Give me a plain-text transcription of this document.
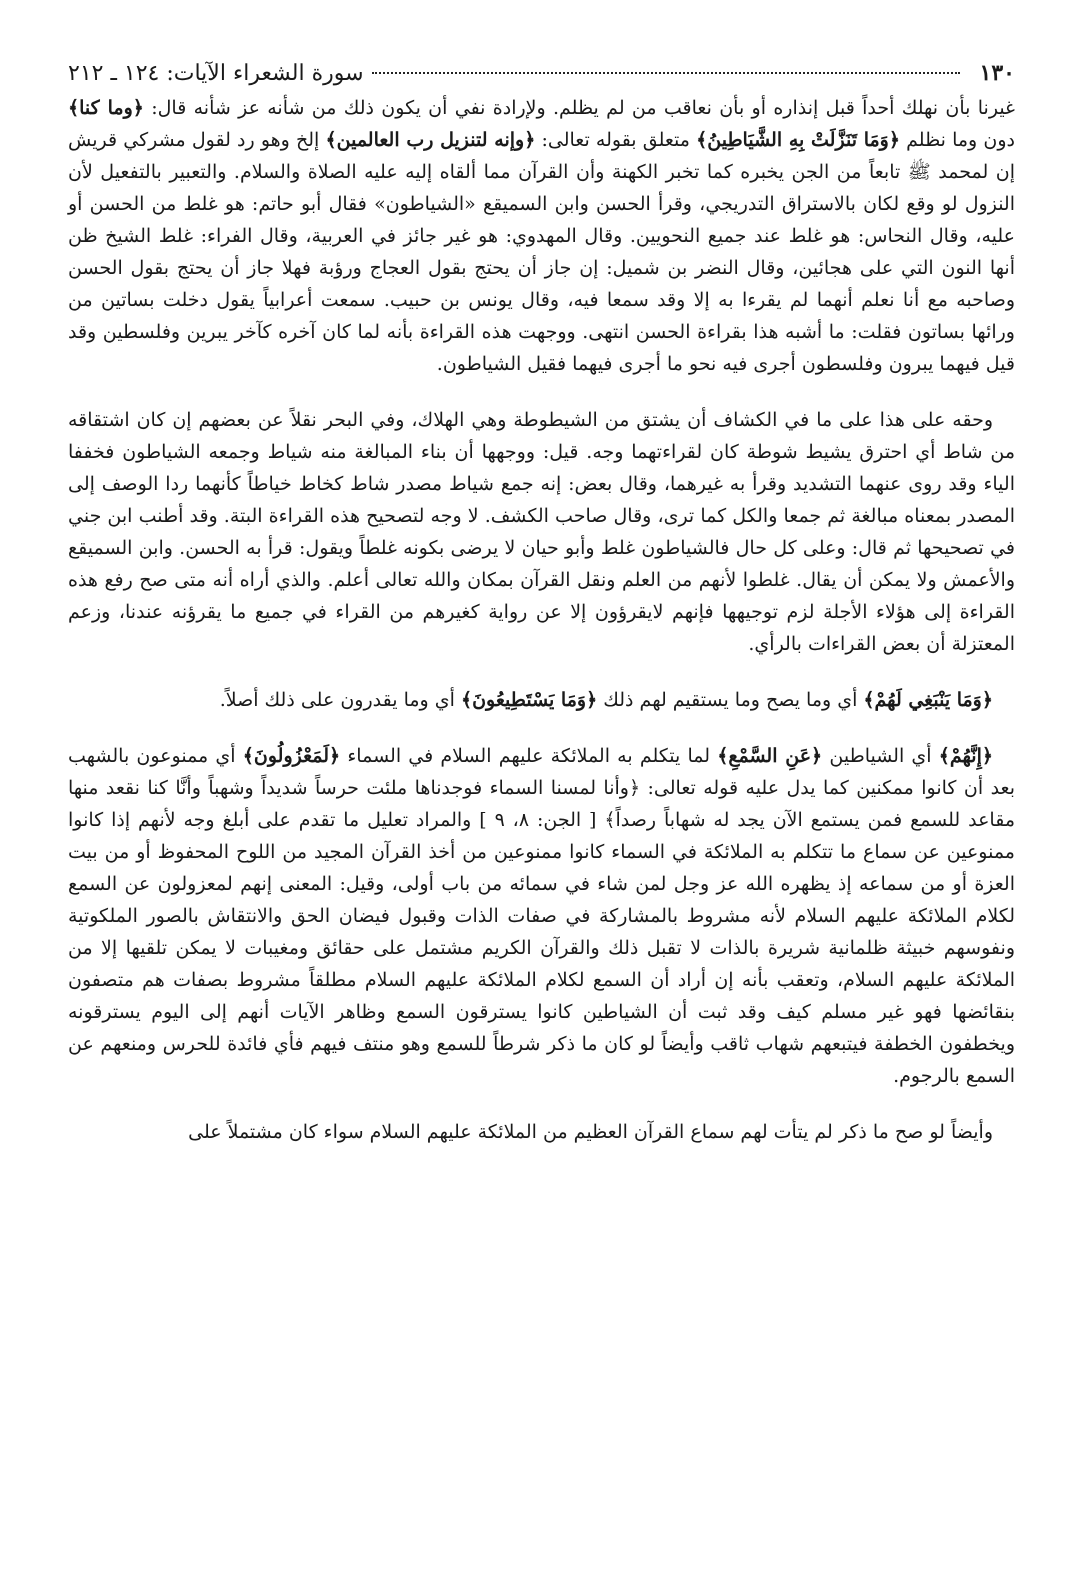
١٣٠
سورة الشعراء الآيات: ١٢٤ ـ ٢١٢

غيرنا بأن نهلك أحداً قبل إنذاره أو بأن نعاقب من لم يظلم. ولإرادة نفي أن يكون ذلك من شأنه عز شأنه قال: ﴿وما كنا﴾ دون وما نظلم ﴿وَمَا تَنَزَّلَتْ بِهِ الشَّيَاطِينُ﴾ متعلق بقوله تعالى: ﴿وإنه لتنزيل رب العالمين﴾ إلخ وهو رد لقول مشركي قريش إن لمحمد ﷺ تابعاً من الجن يخبره كما تخبر الكهنة وأن القرآن مما ألقاه إليه عليه الصلاة والسلام. والتعبير بالتفعيل لأن النزول لو وقع لكان بالاستراق التدريجي، وقرأ الحسن وابن السميقع «الشياطون» فقال أبو حاتم: هو غلط من الحسن أو عليه، وقال النحاس: هو غلط عند جميع النحويين. وقال المهدوي: هو غير جائز في العربية، وقال الفراء: غلط الشيخ ظن أنها النون التي على هجائين، وقال النضر بن شميل: إن جاز أن يحتج بقول العجاج ورؤبة فهلا جاز أن يحتج بقول الحسن وصاحبه مع أنا نعلم أنهما لم يقرءا به إلا وقد سمعا فيه، وقال يونس بن حبيب. سمعت أعرابياً يقول دخلت بساتين من ورائها بساتون فقلت: ما أشبه هذا بقراءة الحسن انتهى. ووجهت هذه القراءة بأنه لما كان آخره كآخر يبرين وفلسطين وقد قيل فيهما يبرون وفلسطون أجرى فيه نحو ما أجرى فيهما فقيل الشياطون.

وحقه على هذا على ما في الكشاف أن يشتق من الشيطوطة وهي الهلاك، وفي البحر نقلاً عن بعضهم إن كان اشتقاقه من شاط أي احترق يشيط شوطة كان لقراءتهما وجه. قيل: ووجهها أن بناء المبالغة منه شياط وجمعه الشياطون فخففا الياء وقد روى عنهما التشديد وقرأ به غيرهما، وقال بعض: إنه جمع شياط مصدر شاط كخاط خياطاً كأنهما ردا الوصف إلى المصدر بمعناه مبالغة ثم جمعا والكل كما ترى، وقال صاحب الكشف. لا وجه لتصحيح هذه القراءة البتة. وقد أطنب ابن جني في تصحيحها ثم قال: وعلى كل حال فالشياطون غلط وأبو حيان لا يرضى بكونه غلطاً ويقول: قرأ به الحسن. وابن السميقع والأعمش ولا يمكن أن يقال. غلطوا لأنهم من العلم ونقل القرآن بمكان والله تعالى أعلم. والذي أراه أنه متى صح رفع هذه القراءة إلى هؤلاء الأجلة لزم توجيهها فإنهم لايقرؤون إلا عن رواية كغيرهم من القراء في جميع ما يقرؤنه عندنا، وزعم المعتزلة أن بعض القراءات بالرأي.

﴿وَمَا يَنْبَغِي لَهُمْ﴾ أي وما يصح وما يستقيم لهم ذلك ﴿وَمَا يَسْتَطِيعُونَ﴾ أي وما يقدرون على ذلك أصلاً.

﴿إِنَّهُمْ﴾ أي الشياطين ﴿عَنِ السَّمْعِ﴾ لما يتكلم به الملائكة عليهم السلام في السماء ﴿لَمَعْزُولُونَ﴾ أي ممنوعون بالشهب بعد أن كانوا ممكنين كما يدل عليه قوله تعالى: ﴿وأنا لمسنا السماء فوجدناها ملئت حرساً شديداً وشهباً وأنَّا كنا نقعد منها مقاعد للسمع فمن يستمع الآن يجد له شهاباً رصداً﴾ [ الجن: ٨، ٩ ] والمراد تعليل ما تقدم على أبلغ وجه لأنهم إذا كانوا ممنوعين عن سماع ما تتكلم به الملائكة في السماء كانوا ممنوعين من أخذ القرآن المجيد من اللوح المحفوظ أو من بيت العزة أو من سماعه إذ يظهره الله عز وجل لمن شاء في سمائه من باب أولى، وقيل: المعنى إنهم لمعزولون عن السمع لكلام الملائكة عليهم السلام لأنه مشروط بالمشاركة في صفات الذات وقبول فيضان الحق والانتقاش بالصور الملكوتية ونفوسهم خبيثة ظلمانية شريرة بالذات لا تقبل ذلك والقرآن الكريم مشتمل على حقائق ومغيبات لا يمكن تلقيها إلا من الملائكة عليهم السلام، وتعقب بأنه إن أراد أن السمع لكلام الملائكة عليهم السلام مطلقاً مشروط بصفات هم متصفون بنقائضها فهو غير مسلم كيف وقد ثبت أن الشياطين كانوا يسترقون السمع وظاهر الآيات أنهم إلى اليوم يسترقونه ويخطفون الخطفة فيتبعهم شهاب ثاقب وأيضاً لو كان ما ذكر شرطاً للسمع وهو منتف فيهم فأي فائدة للحرس ومنعهم عن السمع بالرجوم.

وأيضاً لو صح ما ذكر لم يتأت لهم سماع القرآن العظيم من الملائكة عليهم السلام سواء كان مشتملاً على
